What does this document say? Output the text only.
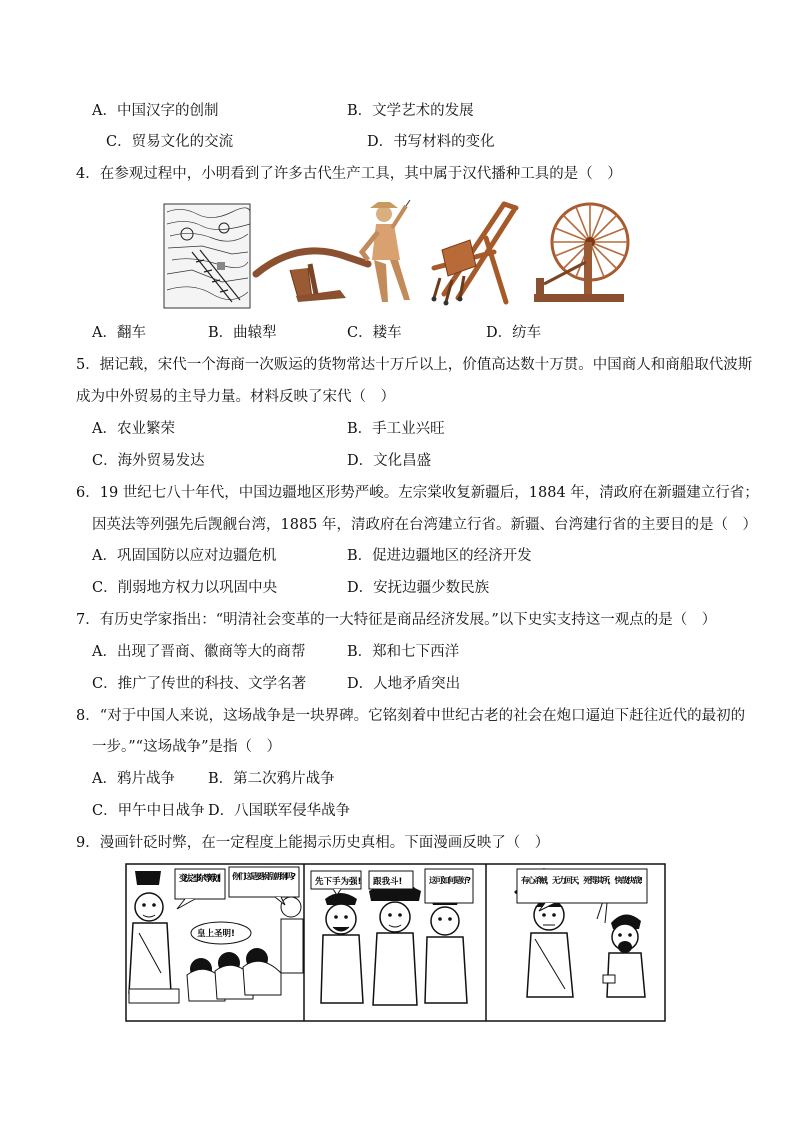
A．中国汉字的创制	B．文学艺术的发展
C．贸易文化的交流	D．书写材料的变化
4．在参观过程中，小明看到了许多古代生产工具，其中属于汉代播种工具的是（　）
A．翻车	B．曲辕犁	C．耧车	D．纺车
5．据记载，宋代一个海商一次贩运的货物常达十万斤以上，价值高达数十万贯。中国商人和商船取代波斯
成为中外贸易的主导力量。材料反映了宋代（　）
A．农业繁荣	B．手工业兴旺
C．海外贸易发达	D．文化昌盛
6．19 世纪七八十年代，中国边疆地区形势严峻。左宗棠收复新疆后，1884 年，清政府在新疆建立行省；
因英法等列强先后觊觎台湾，1885 年，清政府在台湾建立行省。新疆、台湾建行省的主要目的是（　）
A．巩固国防以应对边疆危机	B．促进边疆地区的经济开发
C．削弱地方权力以巩固中央	D．安抚边疆少数民族
7．有历史学家指出：“明清社会变革的一大特征是商品经济发展。”以下史实支持这一观点的是（　）
A．出现了晋商、徽商等大的商帮	B．郑和七下西洋
C．推广了传世的科技、文学名著	D．人地矛盾突出
8．“对于中国人来说，这场战争是一块界碑。它铭刻着中世纪古老的社会在炮口逼迫下赶往近代的最初的
一步。”“这场战争”是指（　）
A．鸦片战争 B．第二次鸦片战争
C．甲午中日战争 D．八国联军侵华战争
9．漫画针砭时弊，在一定程度上能揭示历史真相。下面漫画反映了（　）
变法之事尔等筹划! 你们这是要祸乱朝纲吗?
皇上圣明!
先下手为强! 跟我斗!	这可如何是好?	有心杀贼，无力回天，死得其所，快哉快哉!
